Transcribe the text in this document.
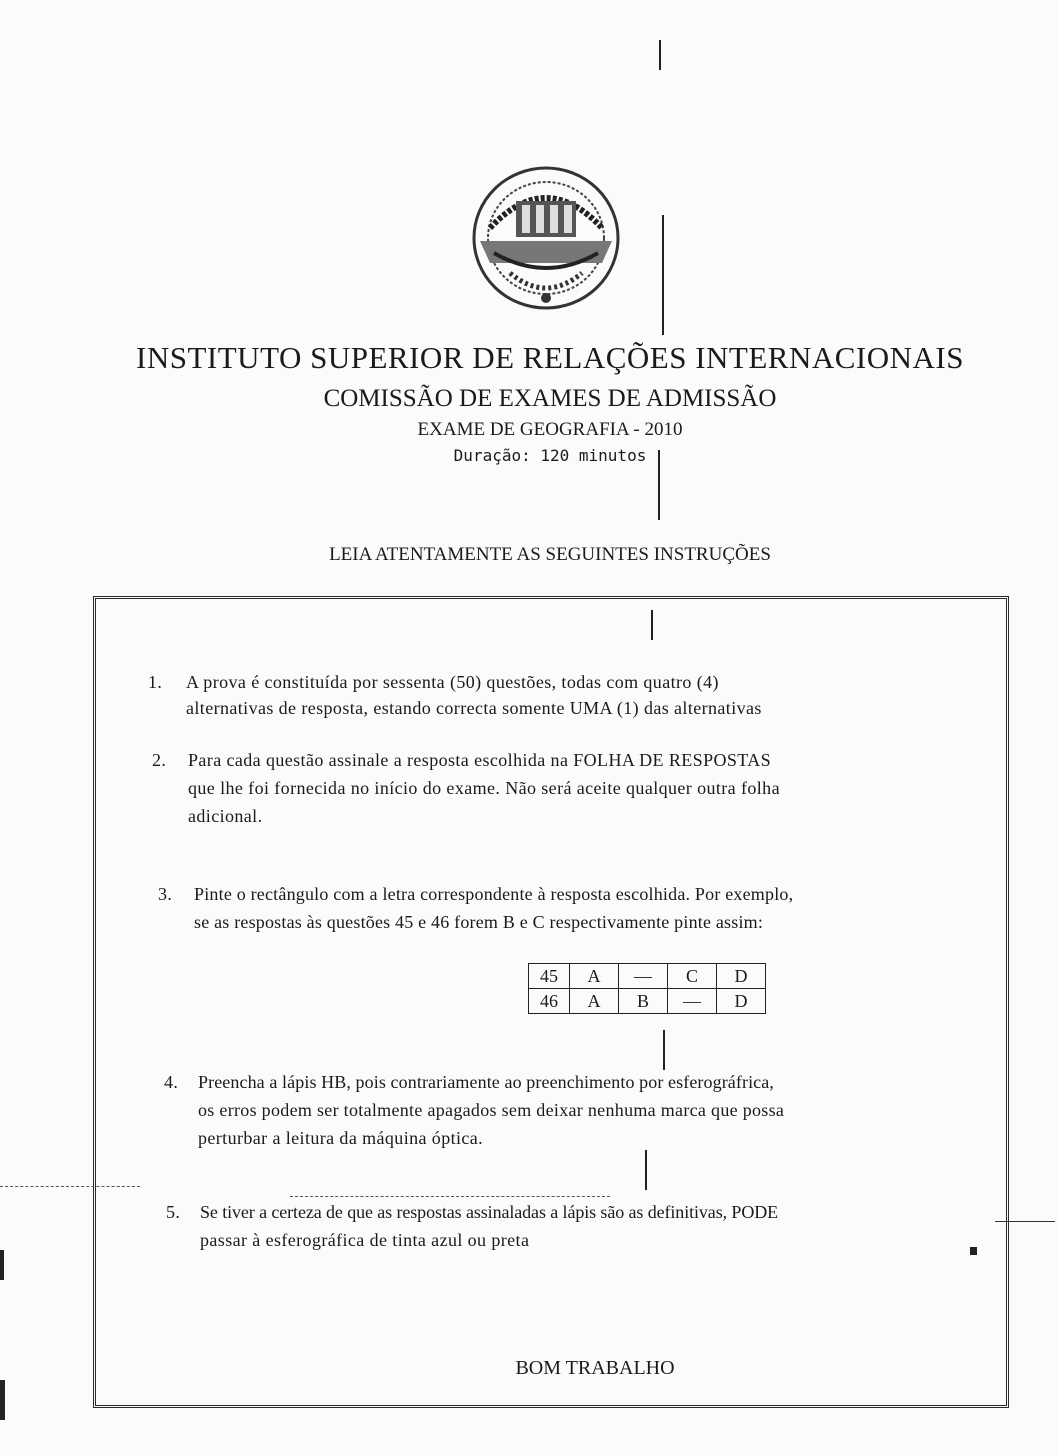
INSTITUTO SUPERIOR DE RELAÇÕES INTERNACIONAIS
COMISSÃO DE EXAMES DE ADMISSÃO
EXAME DE GEOGRAFIA - 2010
Duração: 120 minutos
LEIA ATENTAMENTE AS SEGUINTES INSTRUÇÕES
1. A prova é constituída por sessenta (50) questões, todas com quatro (4)
alternativas de resposta, estando correcta somente UMA (1) das alternativas
2. Para cada questão assinale a resposta escolhida na FOLHA DE RESPOSTAS
que lhe foi fornecida no início do exame. Não será aceite qualquer outra folha
adicional.
3. Pinte o rectângulo com a letra correspondente à resposta escolhida. Por exemplo,
se as respostas às questões 45 e 46 forem B e C respectivamente pinte assim:
45	A	—	C	D
46	A	B	—	D
4. Preencha a lápis HB, pois contrariamente ao preenchimento por esferográfrica,
os erros podem ser totalmente apagados sem deixar nenhuma marca que possa
perturbar a leitura da máquina óptica.
5. Se tiver a certeza de que as respostas assinaladas a lápis são as definitivas, PODE
passar à esferográfica de tinta azul ou preta
BOM TRABALHO
